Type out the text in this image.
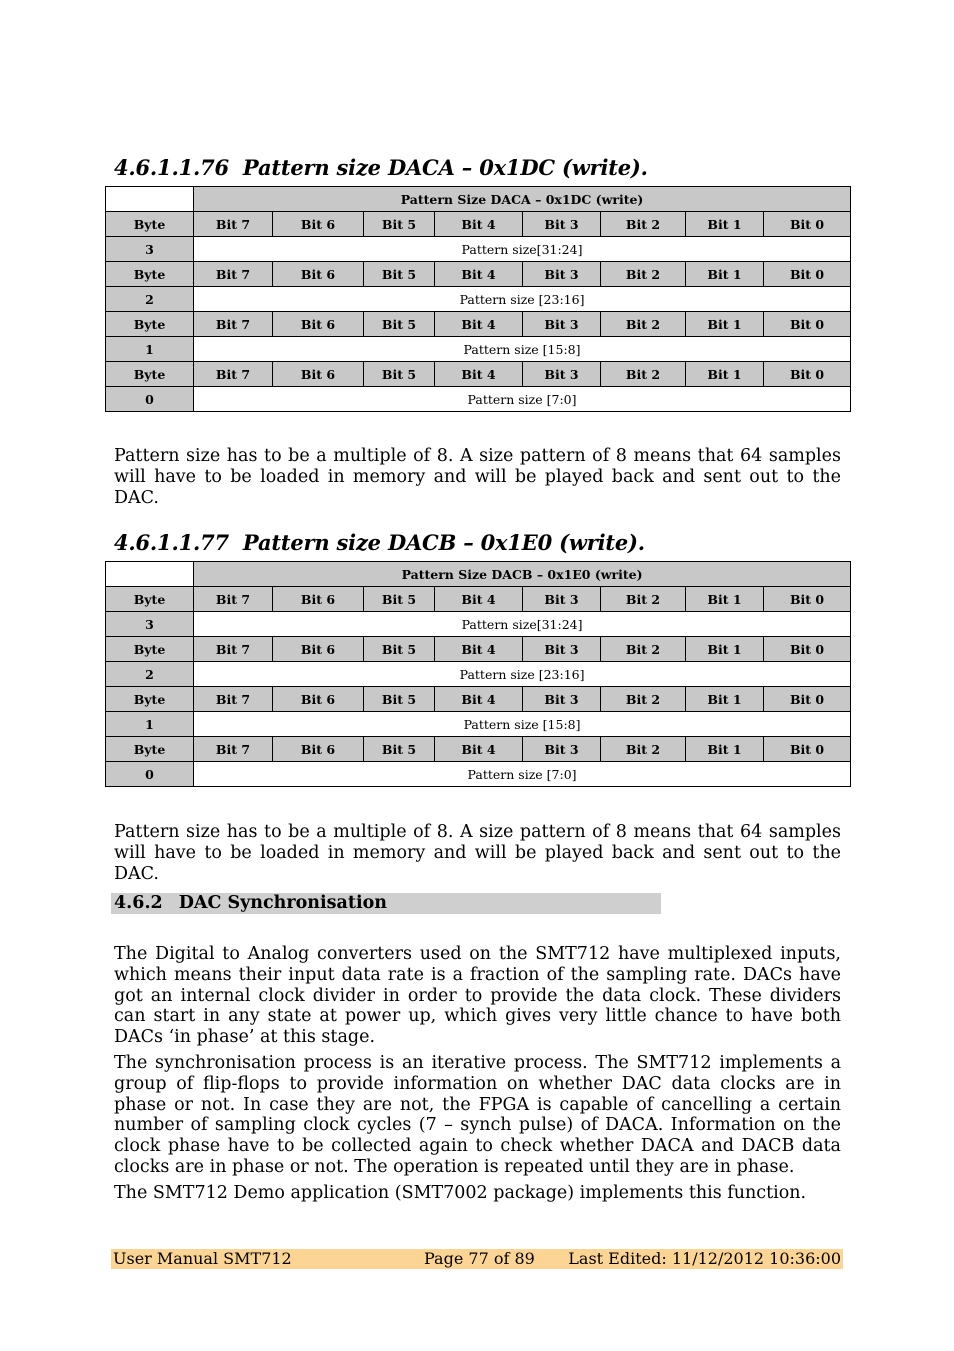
4.6.1.1.76 Pattern size DACA – 0x1DC (write).
	Pattern Size DACA – 0x1DC (write)							
Byte	Bit 7	Bit 6	Bit 5	Bit 4	Bit 3	Bit 2	Bit 1	Bit 0
3	Pattern size[31:24]							
Byte	Bit 7	Bit 6	Bit 5	Bit 4	Bit 3	Bit 2	Bit 1	Bit 0
2	Pattern size [23:16]							
Byte	Bit 7	Bit 6	Bit 5	Bit 4	Bit 3	Bit 2	Bit 1	Bit 0
1	Pattern size [15:8]							
Byte	Bit 7	Bit 6	Bit 5	Bit 4	Bit 3	Bit 2	Bit 1	Bit 0
0	Pattern size [7:0]							
Pattern size has to be a multiple of 8. A size pattern of 8 means that 64 samples will have to be loaded in memory and will be played back and sent out to the DAC.
4.6.1.1.77 Pattern size DACB – 0x1E0 (write).
	Pattern Size DACB – 0x1E0 (write)							
Byte	Bit 7	Bit 6	Bit 5	Bit 4	Bit 3	Bit 2	Bit 1	Bit 0
3	Pattern size[31:24]							
Byte	Bit 7	Bit 6	Bit 5	Bit 4	Bit 3	Bit 2	Bit 1	Bit 0
2	Pattern size [23:16]							
Byte	Bit 7	Bit 6	Bit 5	Bit 4	Bit 3	Bit 2	Bit 1	Bit 0
1	Pattern size [15:8]							
Byte	Bit 7	Bit 6	Bit 5	Bit 4	Bit 3	Bit 2	Bit 1	Bit 0
0	Pattern size [7:0]							
Pattern size has to be a multiple of 8. A size pattern of 8 means that 64 samples will have to be loaded in memory and will be played back and sent out to the DAC.
4.6.2 DAC Synchronisation
The Digital to Analog converters used on the SMT712 have multiplexed inputs, which means their input data rate is a fraction of the sampling rate. DACs have got an internal clock divider in order to provide the data clock. These dividers can start in any state at power up, which gives very little chance to have both DACs ‘in phase’ at this stage.
The synchronisation process is an iterative process. The SMT712 implements a group of flip-flops to provide information on whether DAC data clocks are in phase or not. In case they are not, the FPGA is capable of cancelling a certain number of sampling clock cycles (7 – synch pulse) of DACA. Information on the clock phase have to be collected again to check whether DACA and DACB data clocks are in phase or not. The operation is repeated until they are in phase.
The SMT712 Demo application (SMT7002 package) implements this function.
User Manual SMT712	Page 77 of 89 Last Edited: 11/12/2012 10:36:00
